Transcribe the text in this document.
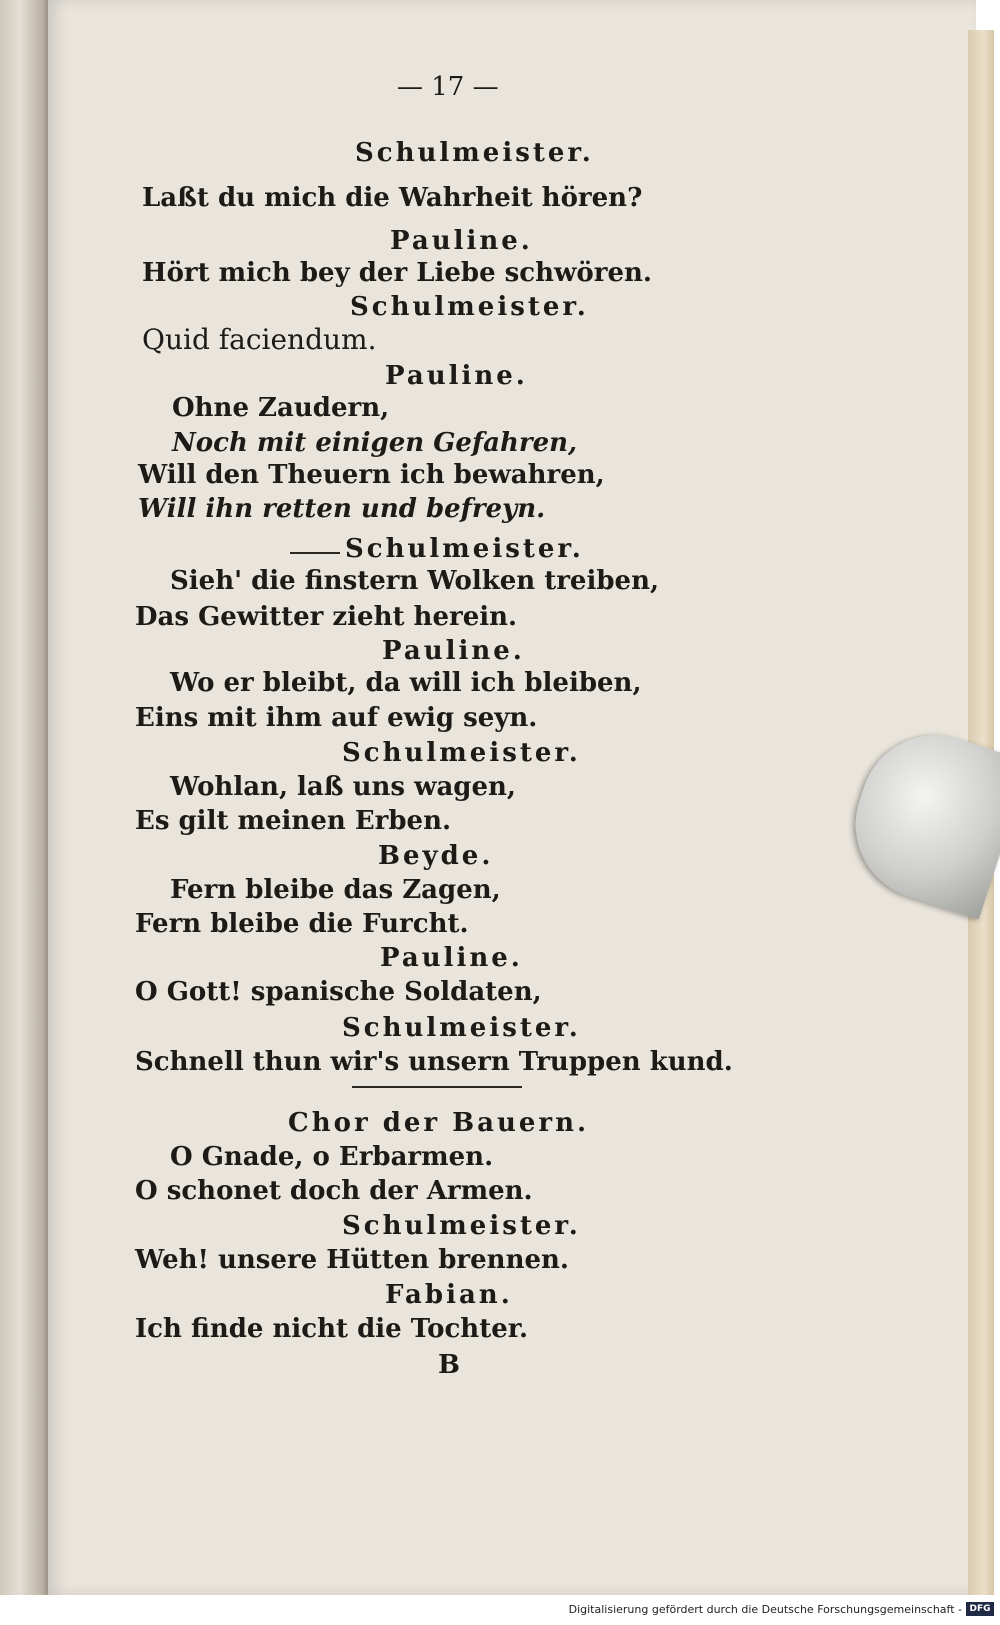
— 17 —
Schulmeister.
Laßt du mich die Wahrheit hören?
Pauline.
Hört mich bey der Liebe schwören.
Schulmeister.
Quid faciendum.
Pauline.
Ohne Zaudern,
Noch mit einigen Gefahren,
Will den Theuern ich bewahren,
Will ihn retten und befreyn.
Schulmeister.
Sieh' die finstern Wolken treiben,
Das Gewitter zieht herein.
Pauline.
Wo er bleibt, da will ich bleiben,
Eins mit ihm auf ewig seyn.
Schulmeister.
Wohlan, laß uns wagen,
Es gilt meinen Erben.
Beyde.
Fern bleibe das Zagen,
Fern bleibe die Furcht.
Pauline.
O Gott! spanische Soldaten,
Schulmeister.
Schnell thun wir's unsern Truppen kund.
Chor der Bauern.
O Gnade, o Erbarmen.
O schonet doch der Armen.
Schulmeister.
Weh! unsere Hütten brennen.
Fabian.
Ich finde nicht die Tochter.
B
Digitalisierung gefördert durch die Deutsche Forschungsgemeinschaft - DFG
